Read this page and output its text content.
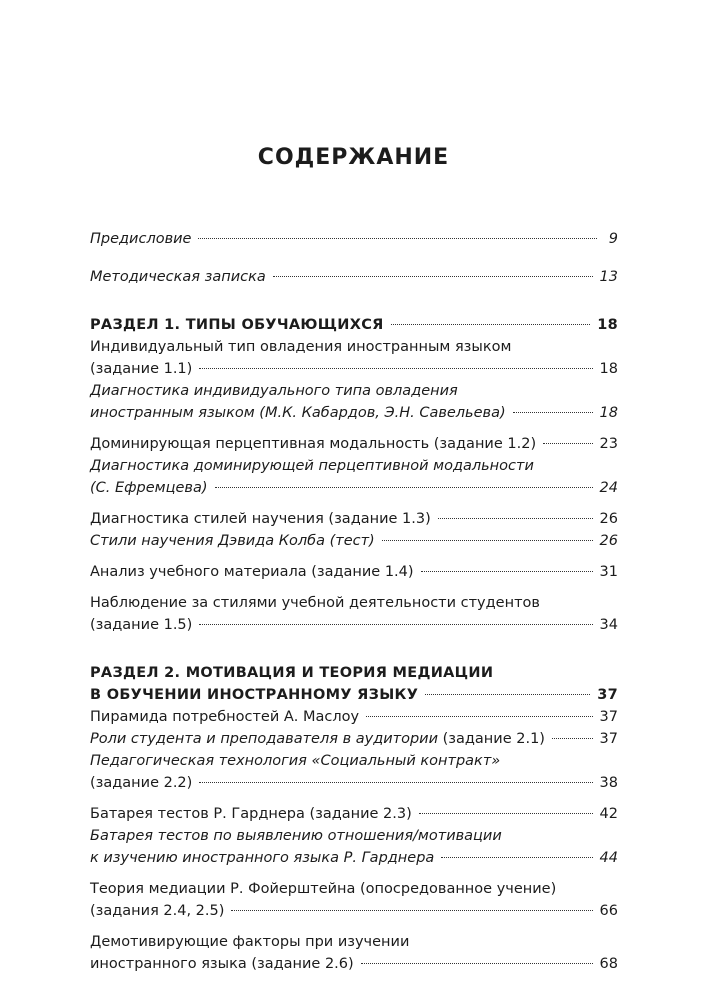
СОДЕРЖАНИЕ
Предисловие	9
Методическая записка	13
РАЗДЕЛ 1. ТИПЫ ОБУЧАЮЩИХСЯ	18
Индивидуальный тип овладения иностранным языком
(задание 1.1)	18
Диагностика индивидуального типа овладения
иностранным языком (М.К. Кабардов, Э.Н. Савельева)	18
Доминирующая перцептивная модальность (задание 1.2)	23
Диагностика доминирующей перцептивной модальности
(С. Ефремцева)	24
Диагностика стилей научения (задание 1.3)	26
Стили научения Дэвида Колба (тест)	26
Анализ учебного материала (задание 1.4)	31
Наблюдение за стилями учебной деятельности студентов
(задание 1.5)	34
РАЗДЕЛ 2. МОТИВАЦИЯ И ТЕОРИЯ МЕДИАЦИИ
В ОБУЧЕНИИ ИНОСТРАННОМУ ЯЗЫКУ	37
Пирамида потребностей А. Маслоу	37
Роли студента и преподавателя в аудитории (задание 2.1)	37
Педагогическая технология «Социальный контракт»
(задание 2.2)	38
Батарея тестов Р. Гарднера (задание 2.3)	42
Батарея тестов по выявлению отношения/мотивации
к изучению иностранного языка Р. Гарднера	44
Теория медиации Р. Фойерштейна (опосредованное учение)
(задания 2.4, 2.5)	66
Демотивирующие факторы при изучении
иностранного языка (задание 2.6)	68
